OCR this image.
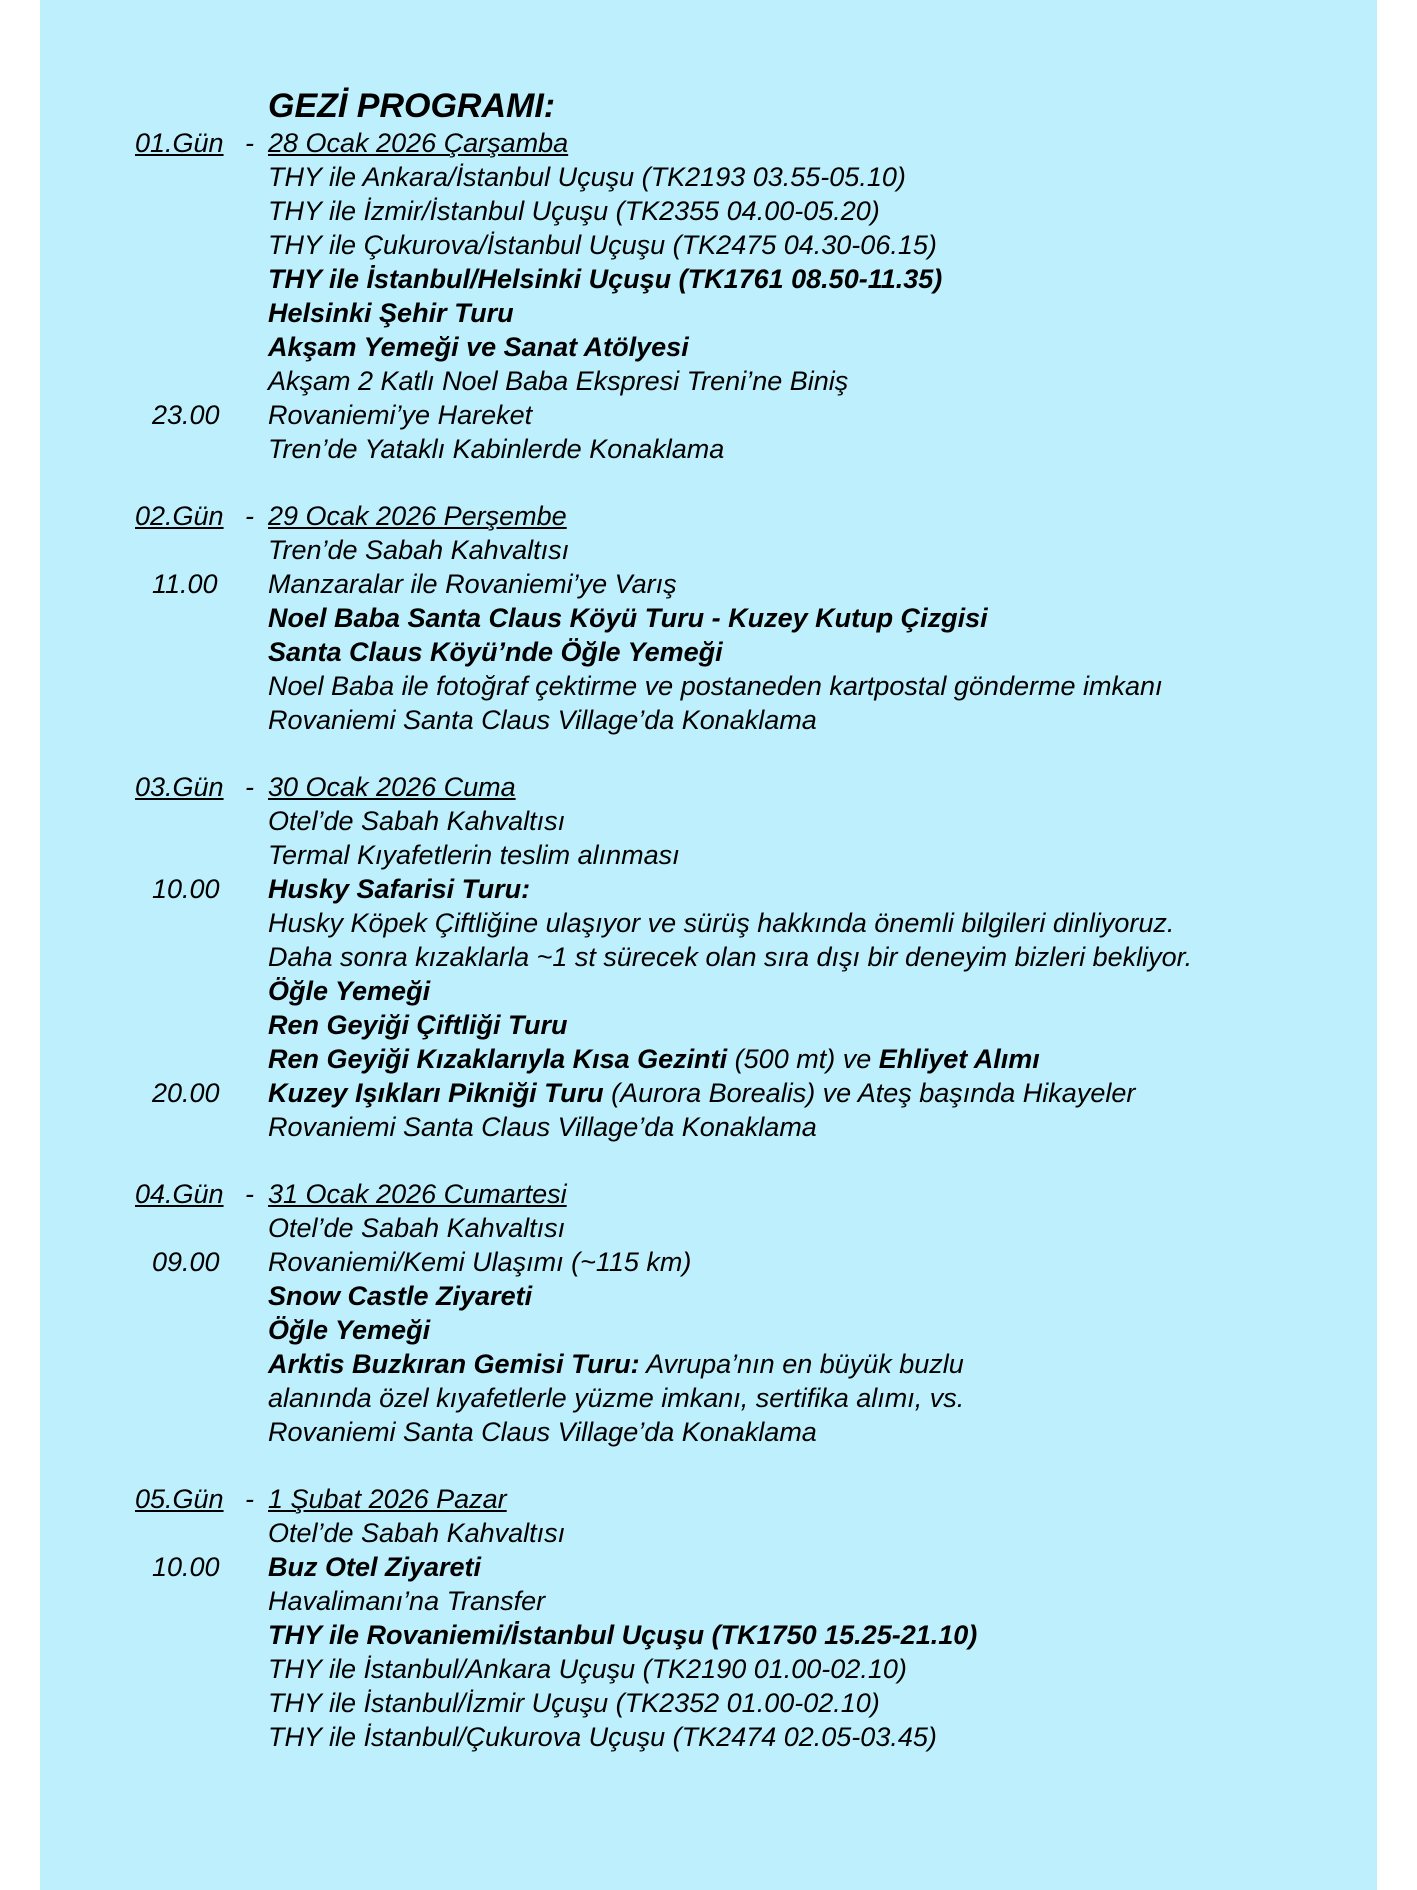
GEZİ PROGRAMI:
01.Gün - 28 Ocak 2026 Çarşamba
THY ile Ankara/İstanbul Uçuşu (TK2193 03.55-05.10)
THY ile İzmir/İstanbul Uçuşu (TK2355 04.00-05.20)
THY ile Çukurova/İstanbul Uçuşu (TK2475 04.30-06.15)
THY ile İstanbul/Helsinki Uçuşu (TK1761 08.50-11.35)
Helsinki Şehir Turu
Akşam Yemeği ve Sanat Atölyesi
Akşam 2 Katlı Noel Baba Ekspresi Treni’ne Biniş
23.00	Rovaniemi’ye Hareket
Tren’de Yataklı Kabinlerde Konaklama
02.Gün - 29 Ocak 2026 Perşembe
Tren’de Sabah Kahvaltısı
11.00	Manzaralar ile Rovaniemi’ye Varış
Noel Baba Santa Claus Köyü Turu - Kuzey Kutup Çizgisi
Santa Claus Köyü’nde Öğle Yemeği
Noel Baba ile fotoğraf çektirme ve postaneden kartpostal gönderme imkanı
Rovaniemi Santa Claus Village’da Konaklama
03.Gün - 30 Ocak 2026 Cuma
Otel’de Sabah Kahvaltısı
Termal Kıyafetlerin teslim alınması
10.00	Husky Safarisi Turu:
Husky Köpek Çiftliğine ulaşıyor ve sürüş hakkında önemli bilgileri dinliyoruz.
Daha sonra kızaklarla ~1 st sürecek olan sıra dışı bir deneyim bizleri bekliyor.
Öğle Yemeği
Ren Geyiği Çiftliği Turu
Ren Geyiği Kızaklarıyla Kısa Gezinti (500 mt) ve Ehliyet Alımı
20.00	Kuzey Işıkları Pikniği Turu (Aurora Borealis) ve Ateş başında Hikayeler
Rovaniemi Santa Claus Village’da Konaklama
04.Gün - 31 Ocak 2026 Cumartesi
Otel’de Sabah Kahvaltısı
09.00	Rovaniemi/Kemi Ulaşımı (~115 km)
Snow Castle Ziyareti
Öğle Yemeği
Arktis Buzkıran Gemisi Turu: Avrupa’nın en büyük buzlu
alanında özel kıyafetlerle yüzme imkanı, sertifika alımı, vs.
Rovaniemi Santa Claus Village’da Konaklama
05.Gün - 1 Şubat 2026 Pazar
Otel’de Sabah Kahvaltısı
10.00	Buz Otel Ziyareti
Havalimanı’na Transfer
THY ile Rovaniemi/İstanbul Uçuşu (TK1750 15.25-21.10)
THY ile İstanbul/Ankara Uçuşu (TK2190 01.00-02.10)
THY ile İstanbul/İzmir Uçuşu (TK2352 01.00-02.10)
THY ile İstanbul/Çukurova Uçuşu (TK2474 02.05-03.45)
